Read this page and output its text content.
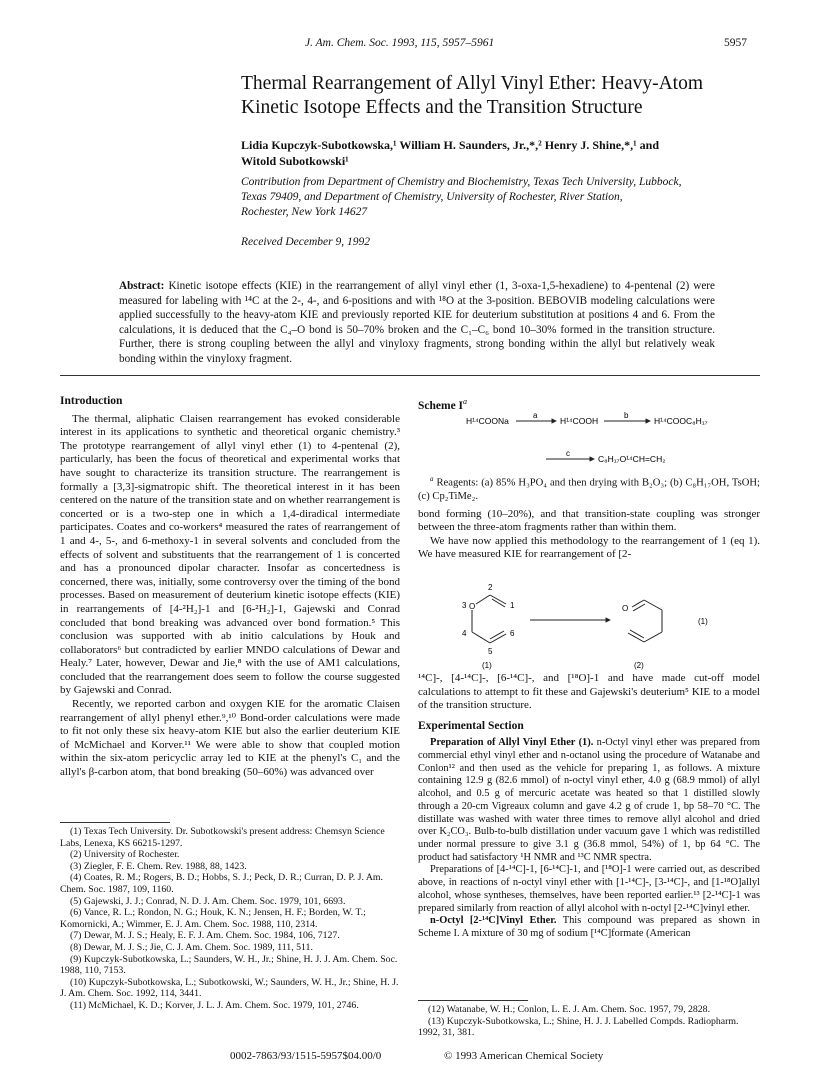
J. Am. Chem. Soc. 1993, 115, 5957–5961	5957
Thermal Rearrangement of Allyl Vinyl Ether: Heavy-Atom
Kinetic Isotope Effects and the Transition Structure
Lidia Kupczyk-Subotkowska,¹ William H. Saunders, Jr.,*,² Henry J. Shine,*,¹ and
Witold Subotkowski¹
Contribution from Department of Chemistry and Biochemistry, Texas Tech University, Lubbock,
Texas 79409, and Department of Chemistry, University of Rochester, River Station,
Rochester, New York 14627
Received December 9, 1992
Abstract: Kinetic isotope effects (KIE) in the rearrangement of allyl vinyl ether (1, 3-oxa-1,5-hexadiene) to 4-pentenal (2) were measured for labeling with ¹⁴C at the 2-, 4-, and 6-positions and with ¹⁸O at the 3-position. BEBOVIB modeling calculations were applied successfully to the heavy-atom KIE and previously reported KIE for deuterium substitution at positions 4 and 6. From the calculations, it is deduced that the C₄–O bond is 50–70% broken and the C₁–C₆ bond 10–30% formed in the transition structure. Further, there is strong coupling between the allyl and vinyloxy fragments, strong bonding within the allyl but relatively weak bonding within the vinyloxy fragment.
Introduction

The thermal, aliphatic Claisen rearrangement has evoked considerable interest in its applications to synthetic and theoretical organic chemistry.³ The prototype rearrangement of allyl vinyl ether (1) to 4-pentenal (2), particularly, has been the focus of theoretical and experimental works that have sought to characterize its transition structure. The rearrangement is formally a [3,3]-sigmatropic shift. The theoretical interest in it has been centered on the nature of the transition state and on whether rearrangement is concerted or is a two-step one in which a 1,4-diradical intermediate participates. Coates and co-workers⁴ measured the rates of rearrangement of 1 and 4-, 5-, and 6-methoxy-1 in several solvents and concluded from the effects of solvent and substituents that the rearrangement of 1 is concerted and has a pronounced dipolar character. Insofar as concertedness is concerned, there was, initially, some controversy over the timing of the bond processes. Based on measurement of deuterium kinetic isotope effects (KIE) in rearrangements of [4-²H₂]-1 and [6-²H₂]-1, Gajewski and Conrad concluded that bond breaking was advanced over bond formation.⁵ This conclusion was supported with ab initio calculations by Houk and collaborators⁶ but contradicted by earlier MNDO calculations of Dewar and Healy.⁷ Later, however, Dewar and Jie,⁸ with the use of AM1 calculations, concluded that the rearrangement does seem to follow the course suggested by Gajewski and Conrad.

Recently, we reported carbon and oxygen KIE for the aromatic Claisen rearrangement of allyl phenyl ether.⁹,¹⁰ Bond-order calculations were made to fit not only these six heavy-atom KIE but also the earlier deuterium KIE of McMichael and Korver.¹¹ We were able to show that coupled motion within the six-atom pericyclic array led to KIE at the phenyl's C₁ and the allyl's β-carbon atom, that bond breaking (50–60%) was advanced over

(1) Texas Tech University. Dr. Subotkowski's present address: Chemsyn Science Labs, Lenexa, KS 66215-1297.
(2) University of Rochester.
(3) Ziegler, F. E. Chem. Rev. 1988, 88, 1423.
(4) Coates, R. M.; Rogers, B. D.; Hobbs, S. J.; Peck, D. R.; Curran, D. P. J. Am. Chem. Soc. 1987, 109, 1160.
(5) Gajewski, J. J.; Conrad, N. D. J. Am. Chem. Soc. 1979, 101, 6693.
(6) Vance, R. L.; Rondon, N. G.; Houk, K. N.; Jensen, H. F.; Borden, W. T.; Komornicki, A.; Wimmer, E. J. Am. Chem. Soc. 1988, 110, 2314.
(7) Dewar, M. J. S.; Healy, E. F. J. Am. Chem. Soc. 1984, 106, 7127.
(8) Dewar, M. J. S.; Jie, C. J. Am. Chem. Soc. 1989, 111, 511.
(9) Kupczyk-Subotkowska, L.; Saunders, W. H., Jr.; Shine, H. J. J. Am. Chem. Soc. 1988, 110, 7153.
(10) Kupczyk-Subotkowska, L.; Subotkowski, W.; Saunders, W. H., Jr.; Shine, H. J. J. Am. Chem. Soc. 1992, 114, 3441.
(11) McMichael, K. D.; Korver, J. L. J. Am. Chem. Soc. 1979, 101, 2746.
Scheme $I^a$
H¹⁴COONa
a
H¹⁴COOH
b
H¹⁴COOC₈H₁₇
c
C₈H₁₇O¹⁴CH=CH₂
$^a$ Reagents: (a) 85% H₃PO₄ and then drying with B₂O₃; (b) C₈H₁₇OH, TsOH; (c) Cp₂TiMe₂.

bond forming (10–20%), and that transition-state coupling was stronger between the three-atom fragments rather than within them.

We have now applied this methodology to the rearrangement of 1 (eq 1). We have measured KIE for rearrangement of [2-

O
2
3	1
4	6
5
(1)
O
(2)
(1)

¹⁴C]-, [4-¹⁴C]-, [6-¹⁴C]-, and [¹⁸O]-1 and have made cut-off model calculations to attempt to fit these and Gajewski's deuterium⁵ KIE to a model of the transition structure.

Experimental Section

Preparation of Allyl Vinyl Ether (1). n-Octyl vinyl ether was prepared from commercial ethyl vinyl ether and n-octanol using the procedure of Watanabe and Conlon¹² and then used as the vehicle for preparing 1, as follows. A mixture containing 12.9 g (82.6 mmol) of n-octyl vinyl ether, 4.0 g (68.9 mmol) of allyl alcohol, and 0.5 g of mercuric acetate was heated so that 1 distilled slowly through a 20-cm Vigreaux column and gave 4.2 g of crude 1, bp 58–70 °C. The distillate was washed with water three times to remove allyl alcohol and dried over K₂CO₃. Bulb-to-bulb distillation under vacuum gave 1 which was redistilled under normal pressure to give 3.1 g (36.8 mmol, 54%) of 1, bp 64 °C. The product had satisfactory ¹H NMR and ¹³C NMR spectra.

Preparations of [4-¹⁴C]-1, [6-¹⁴C]-1, and [¹⁸O]-1 were carried out, as described above, in reactions of n-octyl vinyl ether with [1-¹⁴C]-, [3-¹⁴C]-, and [1-¹⁸O]allyl alcohol, whose syntheses, themselves, have been reported earlier.¹³ [2-¹⁴C]-1 was prepared similarly from reaction of allyl alcohol with n-octyl [2-¹⁴C]vinyl ether.

n-Octyl [2-¹⁴C]Vinyl Ether. This compound was prepared as shown in Scheme I. A mixture of 30 mg of sodium [¹⁴C]formate (American

(12) Watanabe, W. H.; Conlon, L. E. J. Am. Chem. Soc. 1957, 79, 2828.
(13) Kupczyk-Subotkowska, L.; Shine, H. J. J. Labelled Compds. Radiopharm. 1992, 31, 381.
0002-7863/93/1515-5957$04.00/0	© 1993 American Chemical Society
